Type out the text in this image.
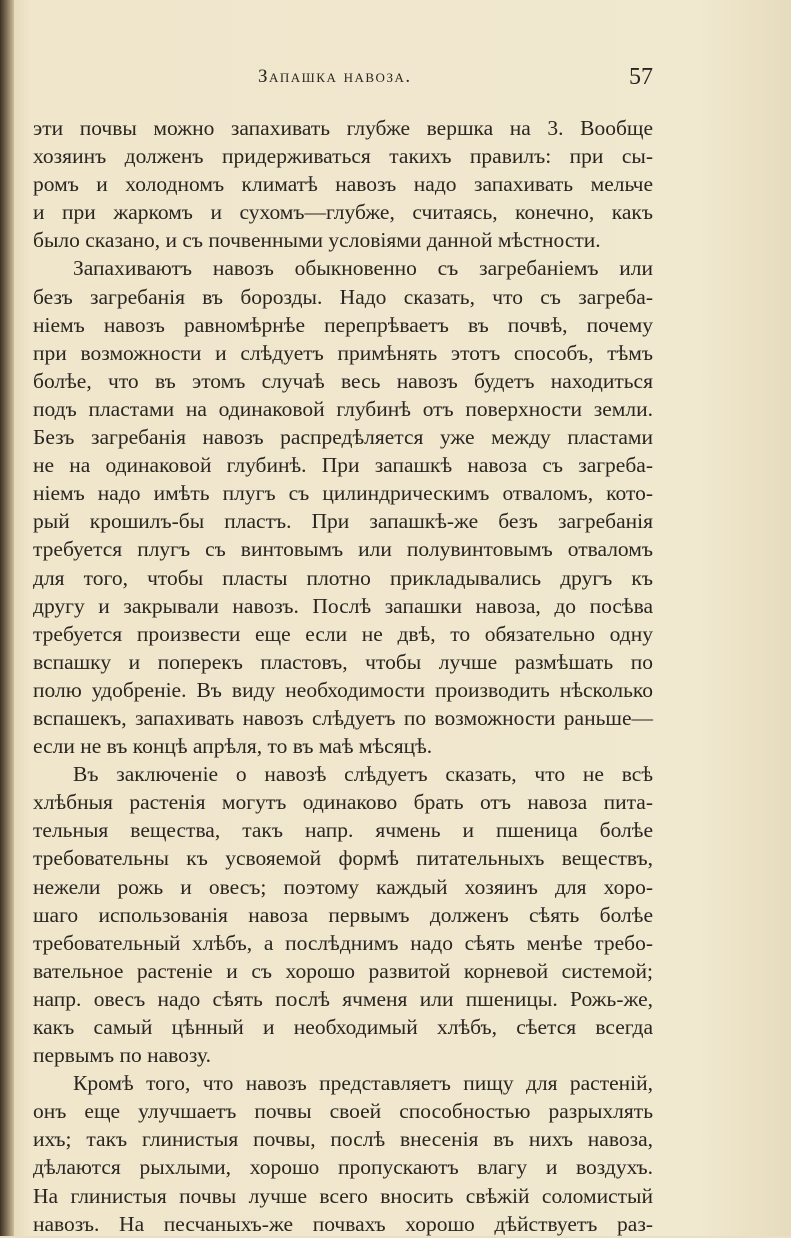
Запашка навоза.	57
эти почвы можно запахивать глубже вершка на 3. Вообще
хозяинъ долженъ придерживаться такихъ правилъ: при сы-
ромъ и холодномъ климатѣ навозъ надо запахивать мельче
и при жаркомъ и сухомъ—глубже, считаясь, конечно, какъ
было сказано, и съ почвенными условіями данной мѣстности.
Запахиваютъ навозъ обыкновенно съ загребаніемъ или
безъ загребанія въ борозды. Надо сказать, что съ загреба-
ніемъ навозъ равномѣрнѣе перепрѣваетъ въ почвѣ, почему
при возможности и слѣдуетъ примѣнять этотъ способъ, тѣмъ
болѣе, что въ этомъ случаѣ весь навозъ будетъ находиться
подъ пластами на одинаковой глубинѣ отъ поверхности земли.
Безъ загребанія навозъ распредѣляется уже между пластами
не на одинаковой глубинѣ. При запашкѣ навоза съ загреба-
ніемъ надо имѣть плугъ съ цилиндрическимъ отваломъ, кото-
рый крошилъ-бы пластъ. При запашкѣ-же безъ загребанія
требуется плугъ съ винтовымъ или полувинтовымъ отваломъ
для того, чтобы пласты плотно прикладывались другъ къ
другу и закрывали навозъ. Послѣ запашки навоза, до посѣва
требуется произвести еще если не двѣ, то обязательно одну
вспашку и поперекъ пластовъ, чтобы лучше размѣшать по
полю удобреніе. Въ виду необходимости производить нѣсколько
вспашекъ, запахивать навозъ слѣдуетъ по возможности раньше—
если не въ концѣ апрѣля, то въ маѣ мѣсяцѣ.
Въ заключеніе о навозѣ слѣдуетъ сказать, что не всѣ
хлѣбныя растенія могутъ одинаково брать отъ навоза пита-
тельныя вещества, такъ напр. ячмень и пшеница болѣе
требовательны къ усвояемой формѣ питательныхъ веществъ,
нежели рожь и овесъ; поэтому каждый хозяинъ для хоро-
шаго использованія навоза первымъ долженъ сѣять болѣе
требовательный хлѣбъ, а послѣднимъ надо сѣять менѣе требо-
вательное растеніе и съ хорошо развитой корневой системой;
напр. овесъ надо сѣять послѣ ячменя или пшеницы. Рожь-же,
какъ самый цѣнный и необходимый хлѣбъ, сѣется всегда
первымъ по навозу.
Кромѣ того, что навозъ представляетъ пищу для растеній,
онъ еще улучшаетъ почвы своей способностью разрыхлять
ихъ; такъ глинистыя почвы, послѣ внесенія въ нихъ навоза,
дѣлаются рыхлыми, хорошо пропускаютъ влагу и воздухъ.
На глинистыя почвы лучше всего вносить свѣжій соломистый
навозъ. На песчаныхъ-же почвахъ хорошо дѣйствуетъ раз-
